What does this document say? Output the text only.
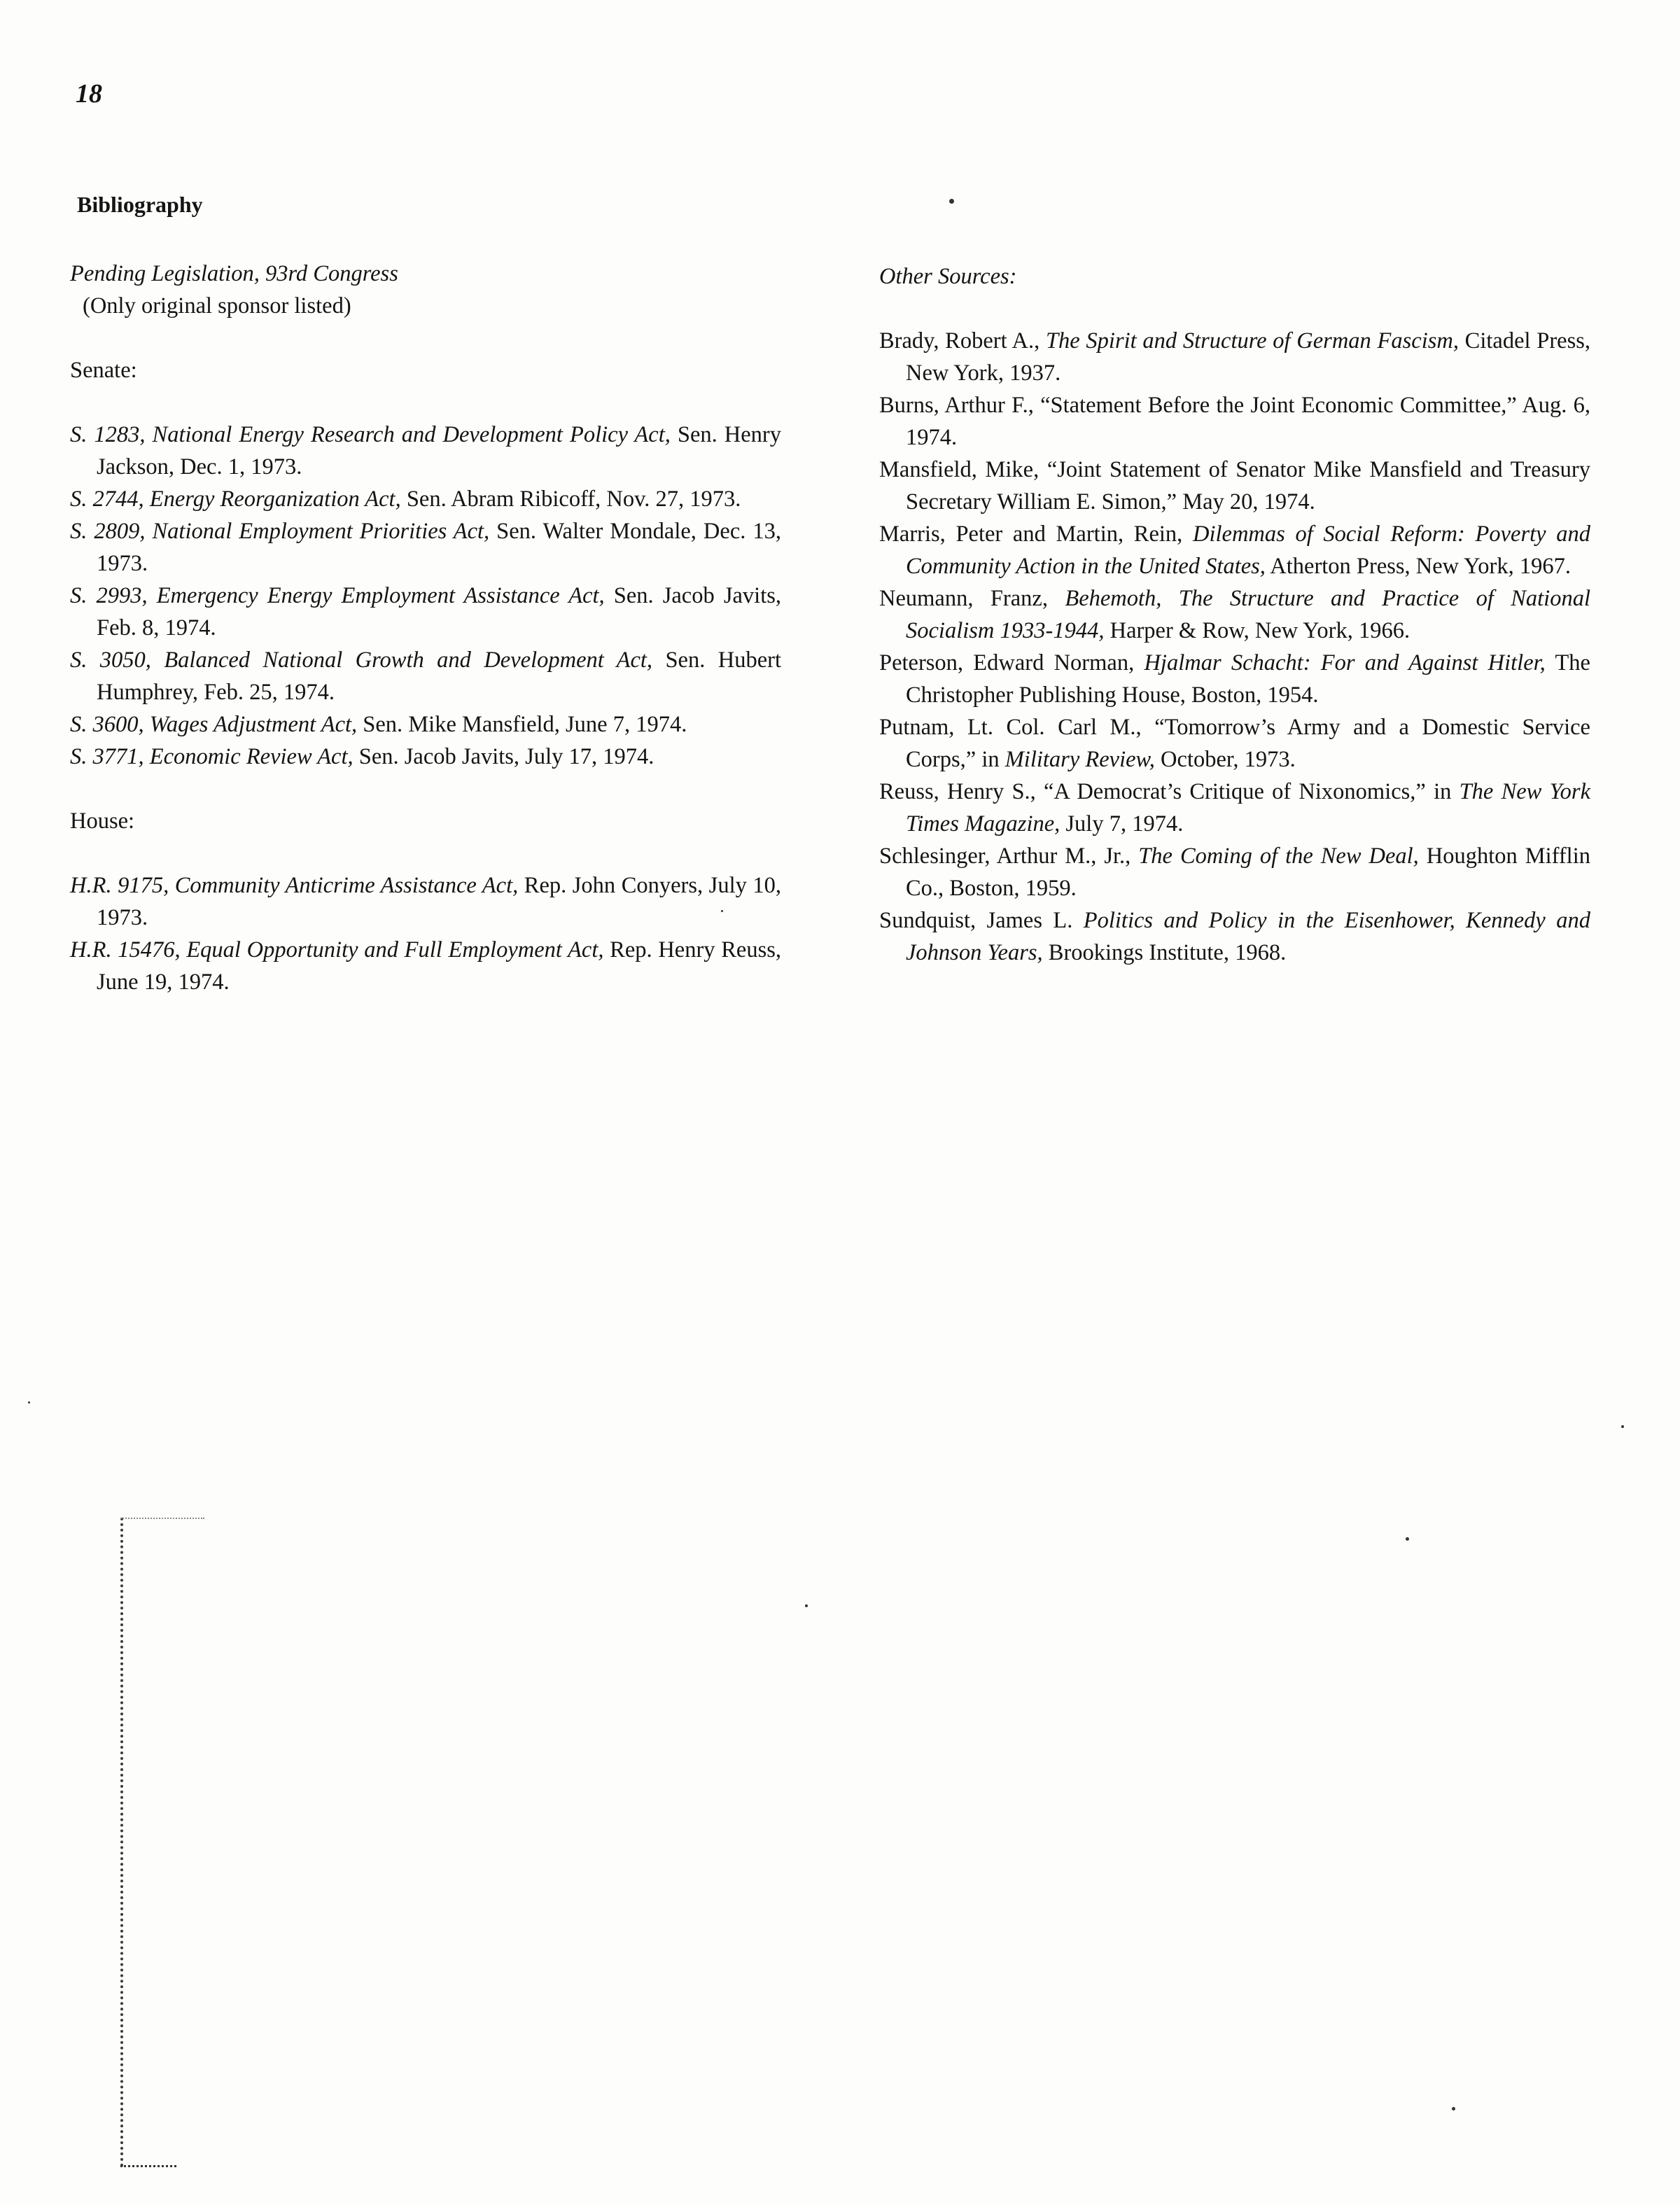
18
Bibliography

Pending Legislation, 93rd Congress
(Only original sponsor listed)

Senate:

S. 1283, National Energy Research and Development Policy Act, Sen. Henry Jackson, Dec. 1, 1973.

S. 2744, Energy Reorganization Act, Sen. Abram Ribicoff, Nov. 27, 1973.

S. 2809, National Employment Priorities Act, Sen. Walter Mondale, Dec. 13, 1973.

S. 2993, Emergency Energy Employment Assistance Act, Sen. Jacob Javits, Feb. 8, 1974.

S. 3050, Balanced National Growth and Development Act, Sen. Hubert Humphrey, Feb. 25, 1974.

S. 3600, Wages Adjustment Act, Sen. Mike Mansfield, June 7, 1974.

S. 3771, Economic Review Act, Sen. Jacob Javits, July 17, 1974.

House:

H.R. 9175, Community Anticrime Assistance Act, Rep. John Conyers, July 10, 1973.

H.R. 15476, Equal Opportunity and Full Employment Act, Rep. Henry Reuss, June 19, 1974.

Other Sources:

Brady, Robert A., The Spirit and Structure of German Fascism, Citadel Press, New York, 1937.

Burns, Arthur F., “Statement Before the Joint Economic Committee,” Aug. 6, 1974.

Mansfield, Mike, “Joint Statement of Senator Mike Mansfield and Treasury Secretary William E. Simon,” May 20, 1974.

Marris, Peter and Martin, Rein, Dilemmas of Social Reform: Poverty and Community Action in the United States, Atherton Press, New York, 1967.

Neumann, Franz, Behemoth, The Structure and Practice of National Socialism 1933-1944, Harper & Row, New York, 1966.

Peterson, Edward Norman, Hjalmar Schacht: For and Against Hitler, The Christopher Publishing House, Boston, 1954.

Putnam, Lt. Col. Carl M., “Tomorrow’s Army and a Domestic Service Corps,” in Military Review, October, 1973.

Reuss, Henry S., “A Democrat’s Critique of Nixonomics,” in The New York Times Magazine, July 7, 1974.

Schlesinger, Arthur M., Jr., The Coming of the New Deal, Houghton Mifflin Co., Boston, 1959.

Sundquist, James L. Politics and Policy in the Eisenhower, Kennedy and Johnson Years, Brookings Institute, 1968.
